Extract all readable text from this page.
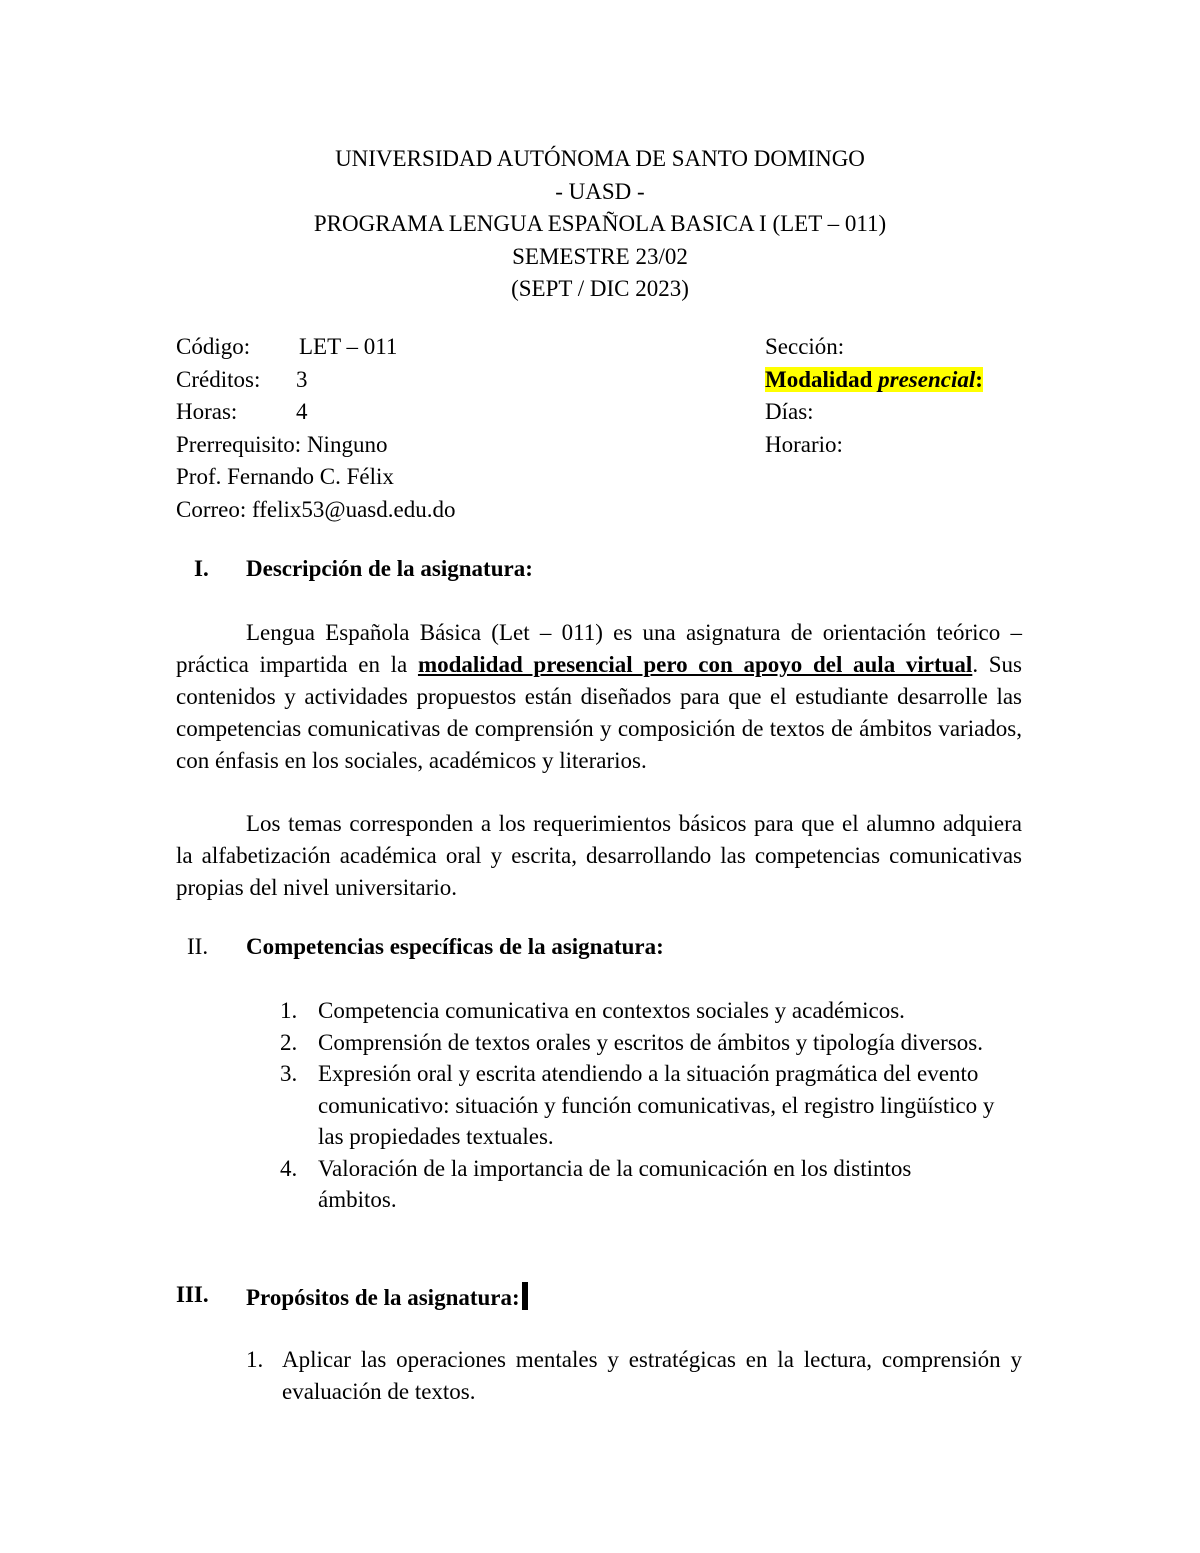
UNIVERSIDAD AUTÓNOMA DE SANTO DOMINGO
- UASD -
PROGRAMA LENGUA ESPAÑOLA BASICA I (LET – 011)
SEMESTRE 23/02
(SEPT / DIC 2023)
Código: LET – 011
Créditos: 3
Horas:	4
Prerrequisito: Ninguno
Prof. Fernando C. Félix
Correo: ffelix53@uasd.edu.do
Sección:
Modalidad presencial:
Días:
Horario:
I. Descripción de la asignatura:
Lengua Española Básica (Let – 011) es una asignatura de orientación teórico – práctica impartida en la modalidad presencial pero con apoyo del aula virtual. Sus contenidos y actividades propuestos están diseñados para que el estudiante desarrolle las competencias comunicativas de comprensión y composición de textos de ámbitos variados, con énfasis en los sociales, académicos y literarios.
Los temas corresponden a los requerimientos básicos para que el alumno adquiera la alfabetización académica oral y escrita, desarrollando las competencias comunicativas propias del nivel universitario.
II. Competencias específicas de la asignatura:
1. Competencia comunicativa en contextos sociales y académicos.
2. Comprensión de textos orales y escritos de ámbitos y tipología diversos.
3. Expresión oral y escrita atendiendo a la situación pragmática del evento comunicativo: situación y función comunicativas, el registro lingüístico y las propiedades textuales.
4. Valoración de la importancia de la comunicación en los distintos ámbitos.
III. Propósitos de la asignatura:
1. Aplicar las operaciones mentales y estratégicas en la lectura, comprensión y evaluación de textos.
